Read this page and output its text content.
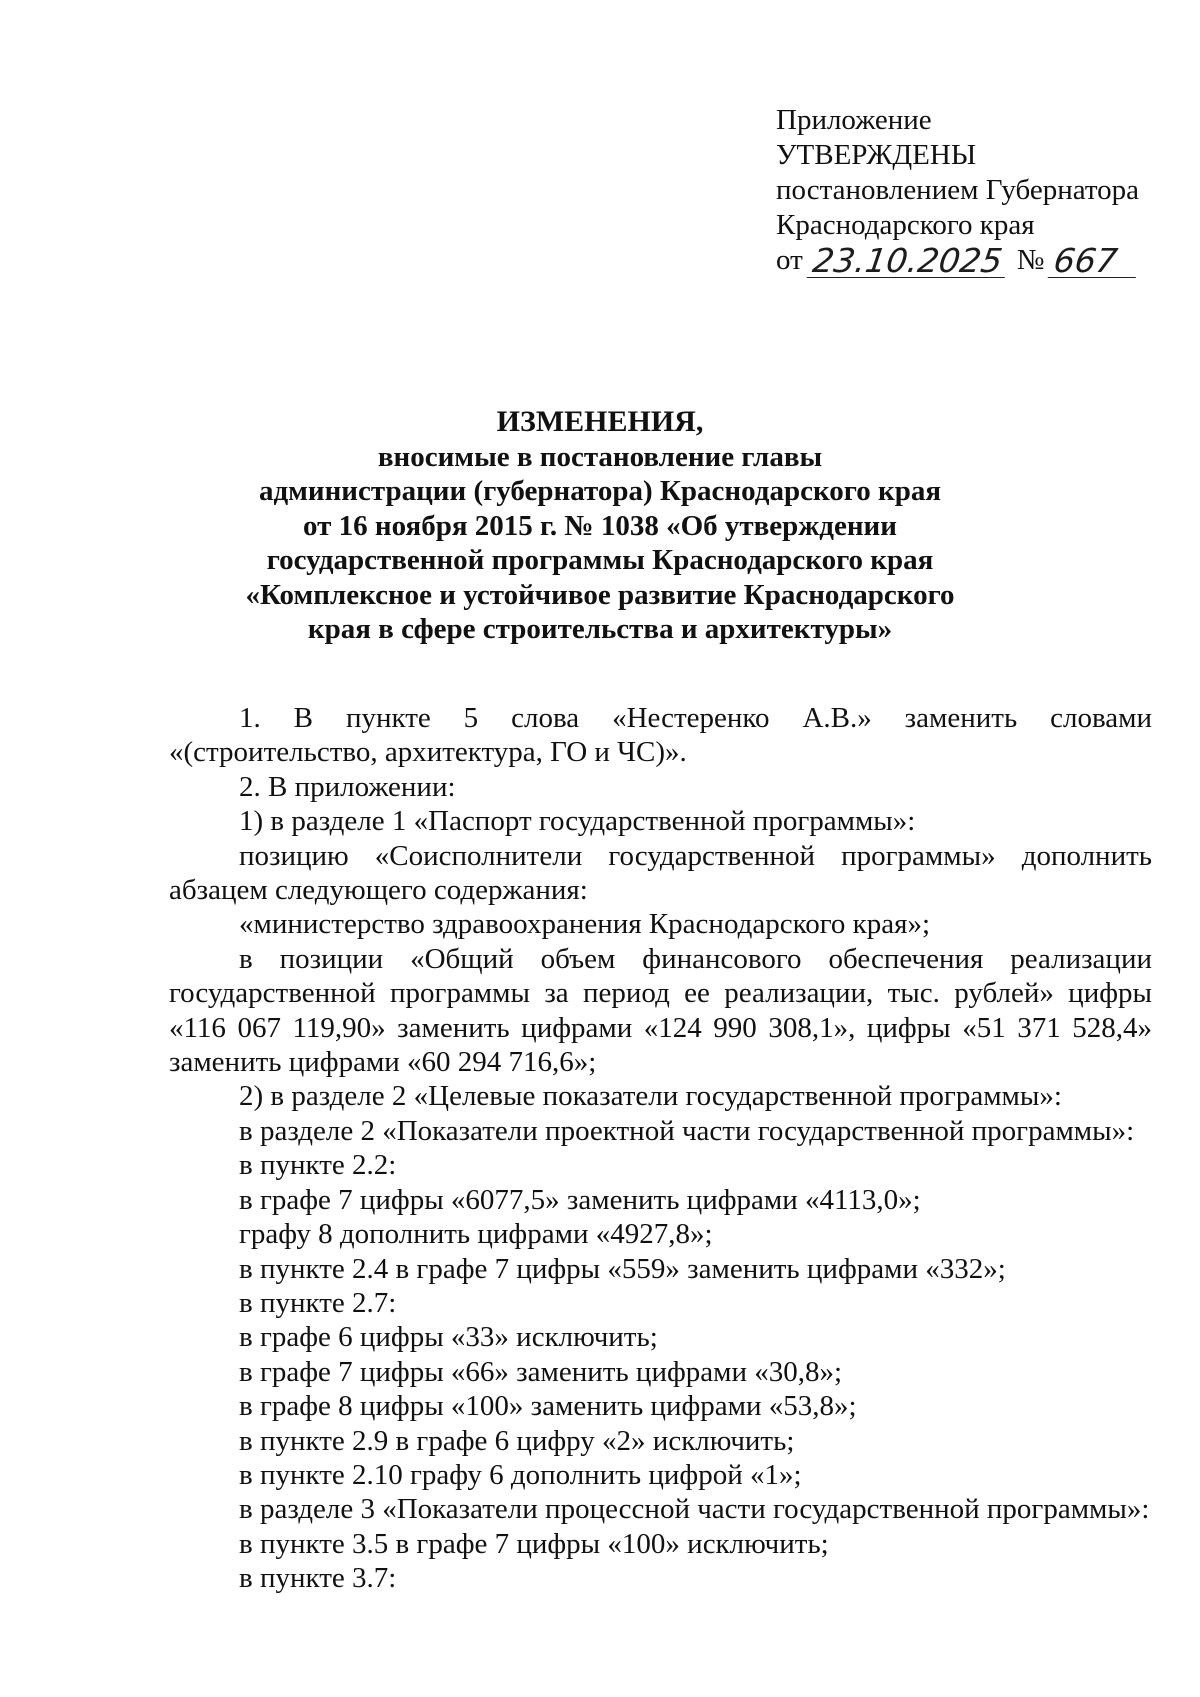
Приложение

УТВЕРЖДЕНЫ

постановлением Губернатора

Краснодарского края

от 23.10.2025 № 667

ИЗМЕНЕНИЯ,

вносимые в постановление главы

администрации (губернатора) Краснодарского края

от 16 ноября 2015 г. № 1038 «Об утверждении

государственной программы Краснодарского края

«Комплексное и устойчивое развитие Краснодарского

края в сфере строительства и архитектуры»

1. В пункте 5 слова «Нестеренко А.В.» заменить словами «(строительство, архитектура, ГО и ЧС)».

2. В приложении:

1) в разделе 1 «Паспорт государственной программы»:

позицию «Соисполнители государственной программы» дополнить абзацем следующего содержания:

«министерство здравоохранения Краснодарского края»;

в позиции «Общий объем финансового обеспечения реализации государственной программы за период ее реализации, тыс. рублей» цифры «116 067 119,90» заменить цифрами «124 990 308,1», цифры «51 371 528,4» заменить цифрами «60 294 716,6»;

2) в разделе 2 «Целевые показатели государственной программы»:

в разделе 2 «Показатели проектной части государственной программы»:

в пункте 2.2:

в графе 7 цифры «6077,5» заменить цифрами «4113,0»;

графу 8 дополнить цифрами «4927,8»;

в пункте 2.4 в графе 7 цифры «559» заменить цифрами «332»;

в пункте 2.7:

в графе 6 цифры «33» исключить;

в графе 7 цифры «66» заменить цифрами «30,8»;

в графе 8 цифры «100» заменить цифрами «53,8»;

в пункте 2.9 в графе 6 цифру «2» исключить;

в пункте 2.10 графу 6 дополнить цифрой «1»;

в разделе 3 «Показатели процессной части государственной программы»:

в пункте 3.5 в графе 7 цифры «100» исключить;

в пункте 3.7:
